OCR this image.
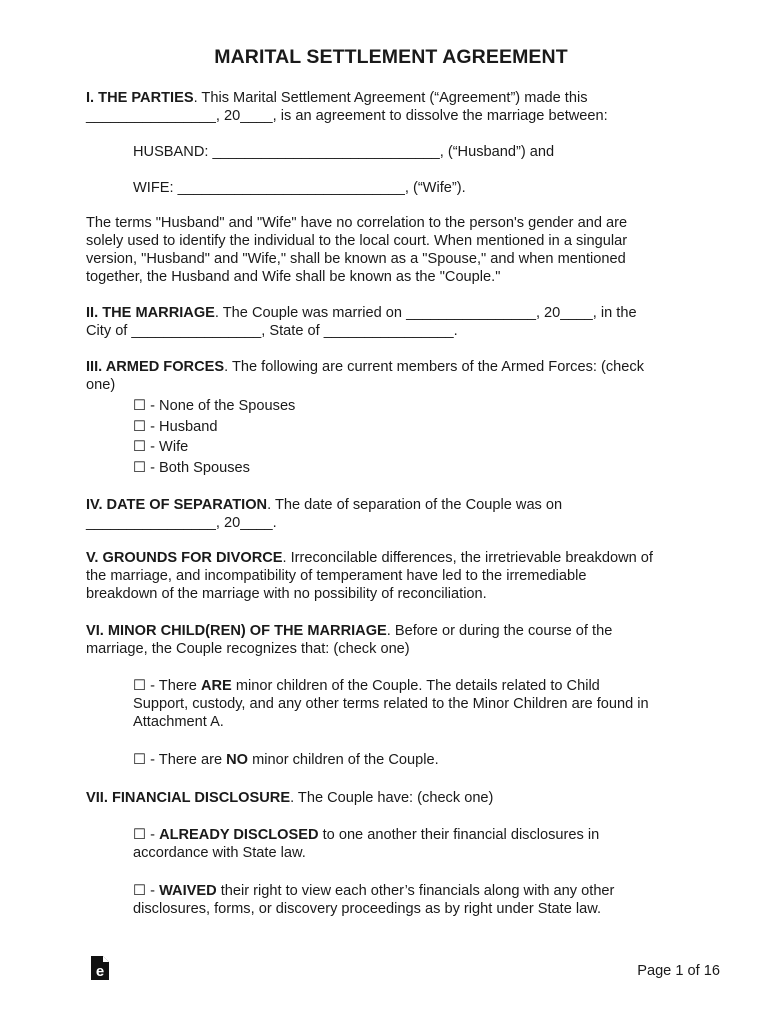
MARITAL SETTLEMENT AGREEMENT
I. THE PARTIES. This Marital Settlement Agreement (“Agreement”) made this
________________, 20____, is an agreement to dissolve the marriage between:
HUSBAND: ____________________________, (“Husband”) and
WIFE: ____________________________, (“Wife”).
The terms "Husband" and "Wife" have no correlation to the person's gender and are
solely used to identify the individual to the local court. When mentioned in a singular
version, "Husband" and "Wife," shall be known as a "Spouse," and when mentioned
together, the Husband and Wife shall be known as the "Couple."
II. THE MARRIAGE. The Couple was married on ________________, 20____, in the
City of ________________, State of ________________.
III. ARMED FORCES. The following are current members of the Armed Forces: (check
one)
☐ - None of the Spouses
☐ - Husband
☐ - Wife
☐ - Both Spouses
IV. DATE OF SEPARATION. The date of separation of the Couple was on
________________, 20____.
V. GROUNDS FOR DIVORCE. Irreconcilable differences, the irretrievable breakdown of
the marriage, and incompatibility of temperament have led to the irremediable
breakdown of the marriage with no possibility of reconciliation.
VI. MINOR CHILD(REN) OF THE MARRIAGE. Before or during the course of the
marriage, the Couple recognizes that: (check one)
☐ - There ARE minor children of the Couple. The details related to Child
Support, custody, and any other terms related to the Minor Children are found in
Attachment A.
☐ - There are NO minor children of the Couple.
VII. FINANCIAL DISCLOSURE. The Couple have: (check one)
☐ - ALREADY DISCLOSED to one another their financial disclosures in
accordance with State law.
☐ - WAIVED their right to view each other’s financials along with any other
disclosures, forms, or discovery proceedings as by right under State law.
e	Page 1 of 16
